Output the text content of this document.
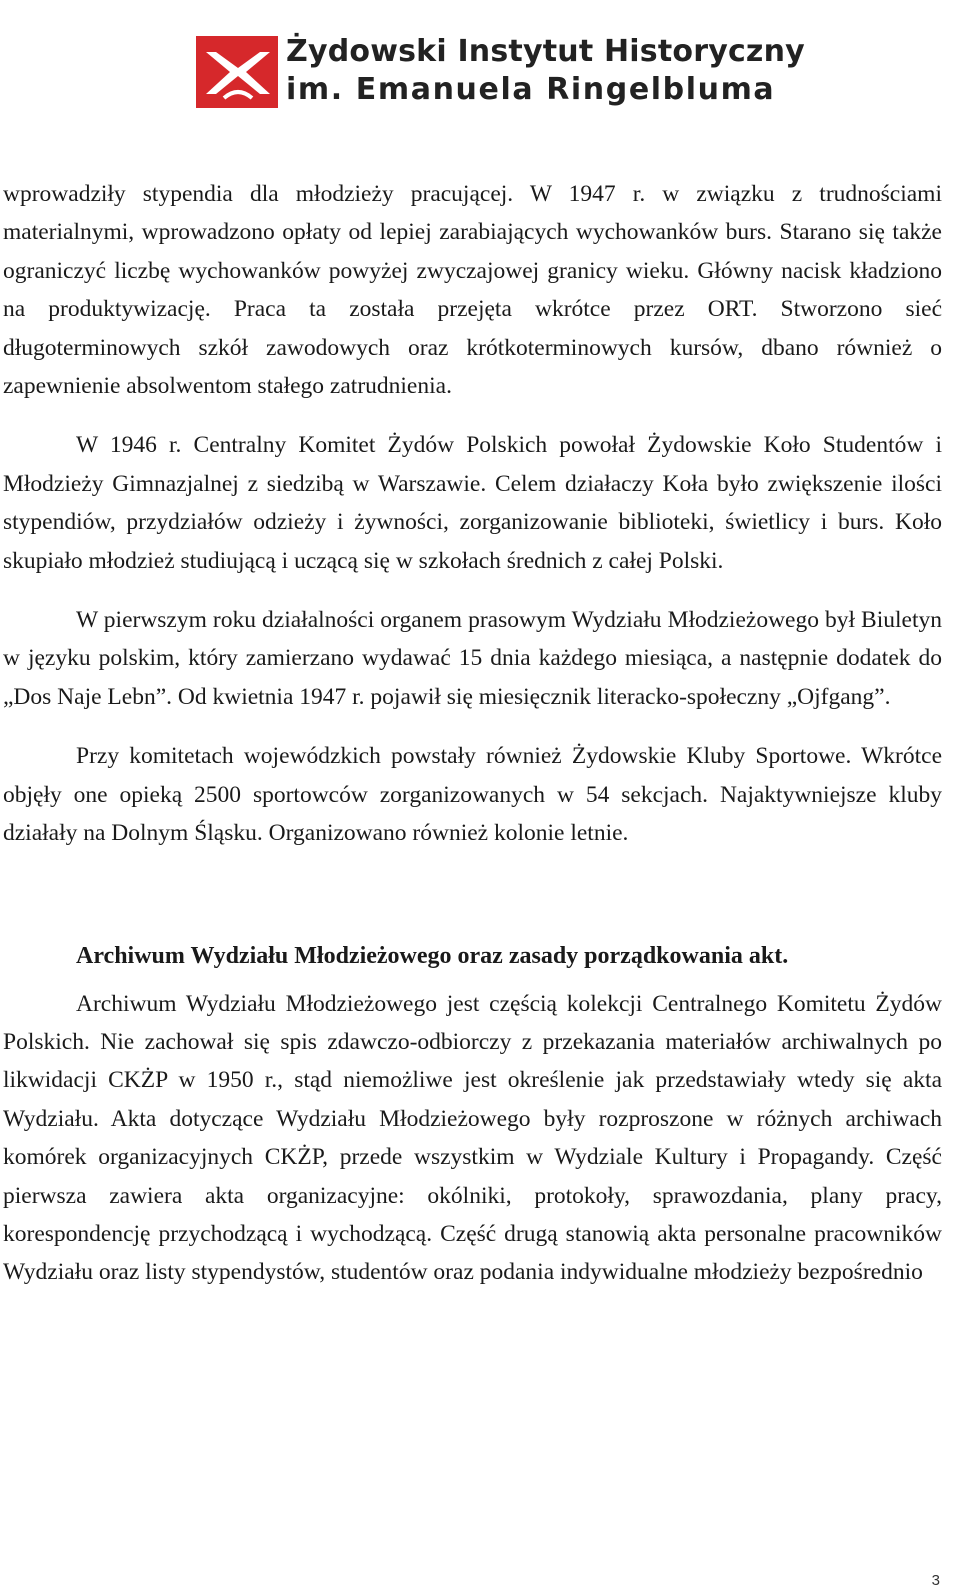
Żydowski Instytut Historyczny
im. Emanuela Ringelbluma

wprowadziły stypendia dla młodzieży pracującej. W 1947 r. w związku z trudnościami materialnymi, wprowadzono opłaty od lepiej zarabiających wychowanków burs. Starano się także ograniczyć liczbę wychowanków powyżej zwyczajowej granicy wieku. Główny nacisk kładziono na produktywizację. Praca ta została przejęta wkrótce przez ORT. Stworzono sieć długoterminowych szkół zawodowych oraz krótkoterminowych kursów, dbano również o zapewnienie absolwentom stałego zatrudnienia.

W 1946 r. Centralny Komitet Żydów Polskich powołał Żydowskie Koło Studentów i Młodzieży Gimnazjalnej z siedzibą w Warszawie. Celem działaczy Koła było zwiększenie ilości stypendiów, przydziałów odzieży i żywności, zorganizowanie biblioteki, świetlicy i burs. Koło skupiało młodzież studiującą i uczącą się w szkołach średnich z całej Polski.

W pierwszym roku działalności organem prasowym Wydziału Młodzieżowego był Biuletyn w języku polskim, który zamierzano wydawać 15 dnia każdego miesiąca, a następnie dodatek do „Dos Naje Lebn”. Od kwietnia 1947 r. pojawił się miesięcznik literacko-społeczny „Ojfgang”.

Przy komitetach wojewódzkich powstały również Żydowskie Kluby Sportowe. Wkrótce objęły one opieką 2500 sportowców zorganizowanych w 54 sekcjach. Najaktywniejsze kluby działały na Dolnym Śląsku. Organizowano również kolonie letnie.

Archiwum Wydziału Młodzieżowego oraz zasady porządkowania akt.

Archiwum Wydziału Młodzieżowego jest częścią kolekcji Centralnego Komitetu Żydów Polskich. Nie zachował się spis zdawczo-odbiorczy z przekazania materiałów archiwalnych po likwidacji CKŻP w 1950 r., stąd niemożliwe jest określenie jak przedstawiały wtedy się akta Wydziału. Akta dotyczące Wydziału Młodzieżowego były rozproszone w różnych archiwach komórek organizacyjnych CKŻP, przede wszystkim w Wydziale Kultury i Propagandy. Część pierwsza zawiera akta organizacyjne: okólniki, protokoły, sprawozdania, plany pracy, korespondencję przychodzącą i wychodzącą. Część drugą stanowią akta personalne pracowników Wydziału oraz listy stypendystów, studentów oraz podania indywidualne młodzieży bezpośrednio

3
